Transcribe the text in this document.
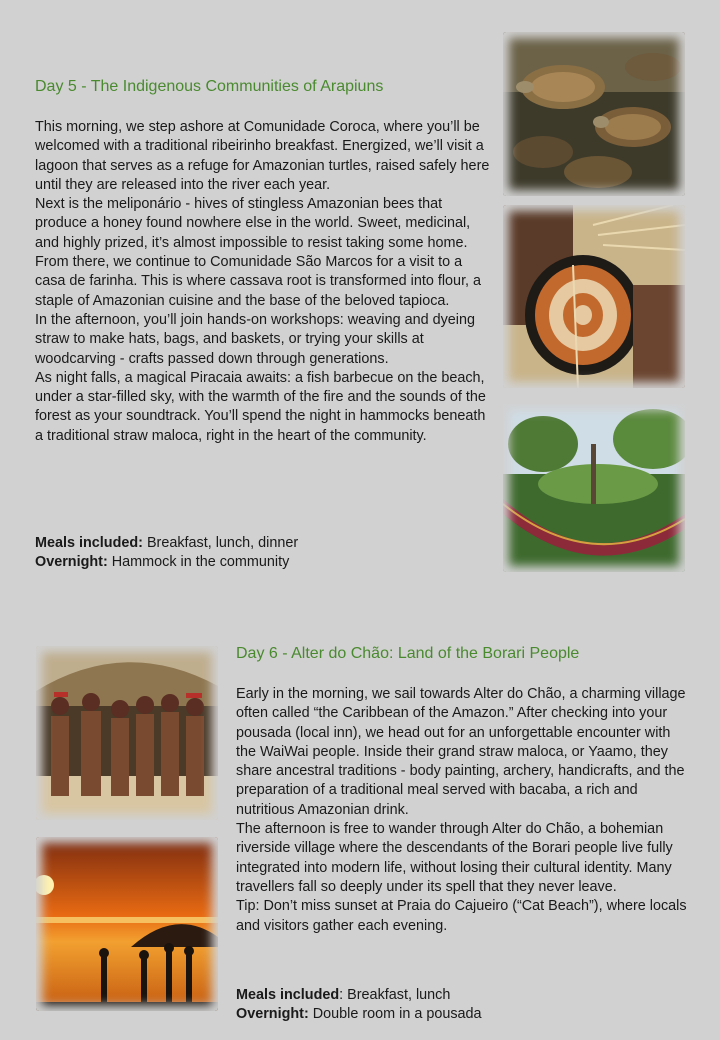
Day 5 - The Indigenous Communities of Arapiuns

This morning, we step ashore at Comunidade Coroca, where you’ll be welcomed with a traditional ribeirinho breakfast. Energized, we’ll visit a lagoon that serves as a refuge for Amazonian turtles, raised safely here until they are released into the river each year.

Next is the meliponário - hives of stingless Amazonian bees that produce a honey found nowhere else in the world. Sweet, medicinal, and highly prized, it’s almost impossible to resist taking some home.

From there, we continue to Comunidade São Marcos for a visit to a casa de farinha. This is where cassava root is transformed into flour, a staple of Amazonian cuisine and the base of the beloved tapioca.

In the afternoon, you’ll join hands-on workshops: weaving and dyeing straw to make hats, bags, and baskets, or trying your skills at woodcarving - crafts passed down through generations.

As night falls, a magical Piracaia awaits: a fish barbecue on the beach, under a star-filled sky, with the warmth of the fire and the sounds of the forest as your soundtrack. You’ll spend the night in hammocks beneath a traditional straw maloca, right in the heart of the community.

Meals included: Breakfast, lunch, dinner
Overnight: Hammock in the community
Day 6 - Alter do Chão: Land of the Borari People

Early in the morning, we sail towards Alter do Chão, a charming village often called “the Caribbean of the Amazon.” After checking into your pousada (local inn), we head out for an unforgettable encounter with the WaiWai people. Inside their grand straw maloca, or Yaamo, they share ancestral traditions - body painting, archery, handicrafts, and the preparation of a traditional meal served with bacaba, a rich and nutritious Amazonian drink.

The afternoon is free to wander through Alter do Chão, a bohemian riverside village where the descendants of the Borari people live fully integrated into modern life, without losing their cultural identity. Many travellers fall so deeply under its spell that they never leave.

Tip: Don’t miss sunset at Praia do Cajueiro (“Cat Beach”), where locals and visitors gather each evening.

Meals included: Breakfast, lunch
Overnight: Double room in a pousada
